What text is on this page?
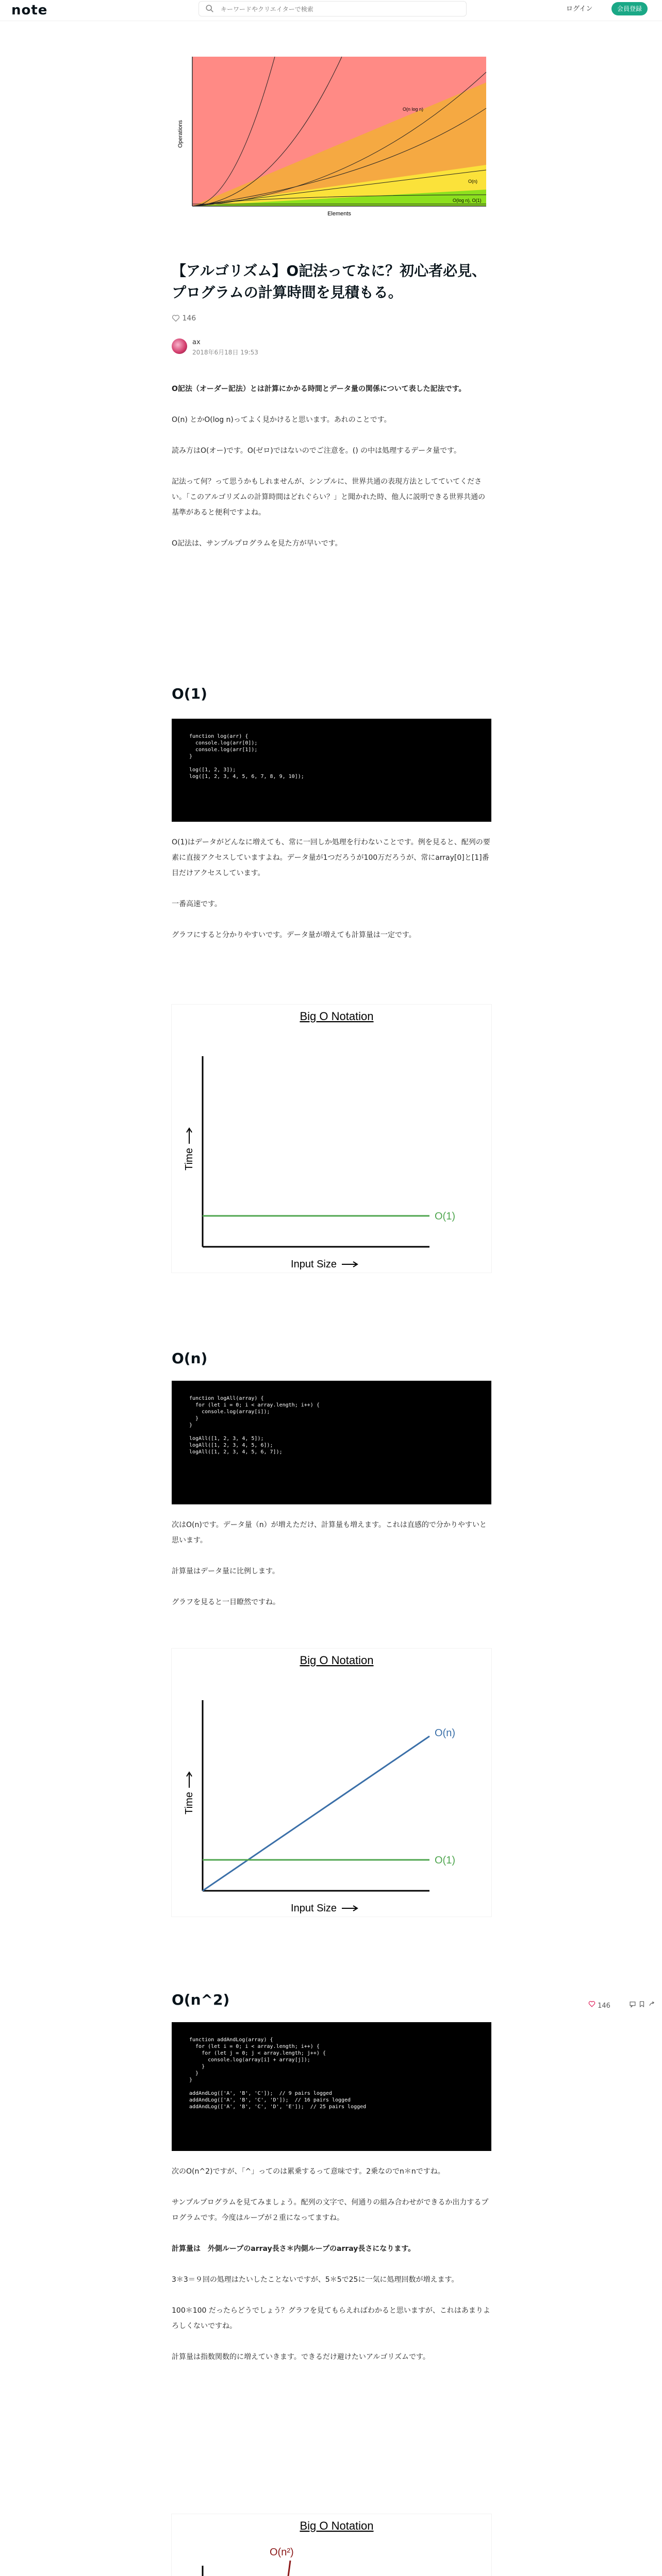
note
キーワードやクリエイターで検索	ログイン	会員登録
Operations
Elements
O(n log n)
O(n)
O(log n), O(1)
【アルゴリズム】O記法ってなに？初心者必見、プログラムの計算時間を見積もる。
146
ax
2018年6月18日 19:53

O記法（オーダー記法）とは計算にかかる時間とデータ量の関係について表した記法です。

O(n) とかO(log n)ってよく見かけると思います。あれのことです。

読み方はO(オー)です。O(ゼロ)ではないのでご注意を。() の中は処理するデータ量です。

記法って何？って思うかもしれませんが、シンプルに、世界共通の表現方法としてていてください。「このアルゴリズムの計算時間はどれぐらい？」と聞かれた時、他人に説明できる世界共通の基準があると便利ですよね。

O記法は、サンプルプログラムを見た方が早いです。

O(1)
function log(arr) {
console.log(arr[0]);
console.log(arr[1]);
}

log([1, 2, 3]);
log([1, 2, 3, 4, 5, 6, 7, 8, 9, 10]);

O(1)はデータがどんなに増えても、常に一回しか処理を行わないことです。例を見ると、配列の要素に直接アクセスしていますよね。データ量が1つだろうが100万だろうが、常にarray[0]と[1]番目だけアクセスしています。

一番高速です。

グラフにすると分かりやすいです。データ量が増えても計算量は一定です。

Big O Notation
Input Size
Time
O(1)
O(n)
function logAll(array) {
for (let i = 0; i < array.length; i++) {
console.log(array[i]);
}
}

logAll([1, 2, 3, 4, 5]);
logAll([1, 2, 3, 4, 5, 6]);
logAll([1, 2, 3, 4, 5, 6, 7]);

次はO(n)です。データ量（n）が増えただけ、計算量も増えます。これは直感的で分かりやすいと思います。

計算量はデータ量に比例します。

グラフを見ると一目瞭然ですね。

Big O Notation
Input Size
Time
O(n)
O(1)
O(n^2)	146

function addAndLog(array) {
for (let i = 0; i < array.length; i++) {
for (let j = 0; j < array.length; j++) {
console.log(array[i] + array[j]);
}
}
}

addAndLog(['A', 'B', 'C']);  // 9 pairs logged
addAndLog(['A', 'B', 'C', 'D']);  // 16 pairs logged
addAndLog(['A', 'B', 'C', 'D', 'E']);  // 25 pairs logged

次のO(n^2)ですが、「^」ってのは累乗するって意味です。2乗なのでn＊nですね。

サンプルプログラムを見てみましょう。配列の文字で、何通りの組み合わせができるか出力するプログラムです。今度はループが２重になってますね。

計算量は　外側ループのarray長さ＊内側ループのarray長さになります。

3＊3＝９回の処理はたいしたことないですが、5＊5で25に一気に処理回数が増えます。

100＊100 だったらどうでしょう？グラフを見てもらえればわかると思いますが、これはあまりよろしくないですね。

計算量は指数関数的に増えていきます。できるだけ避けたいアルゴリズムです。

Big O Notation
O(n²)
